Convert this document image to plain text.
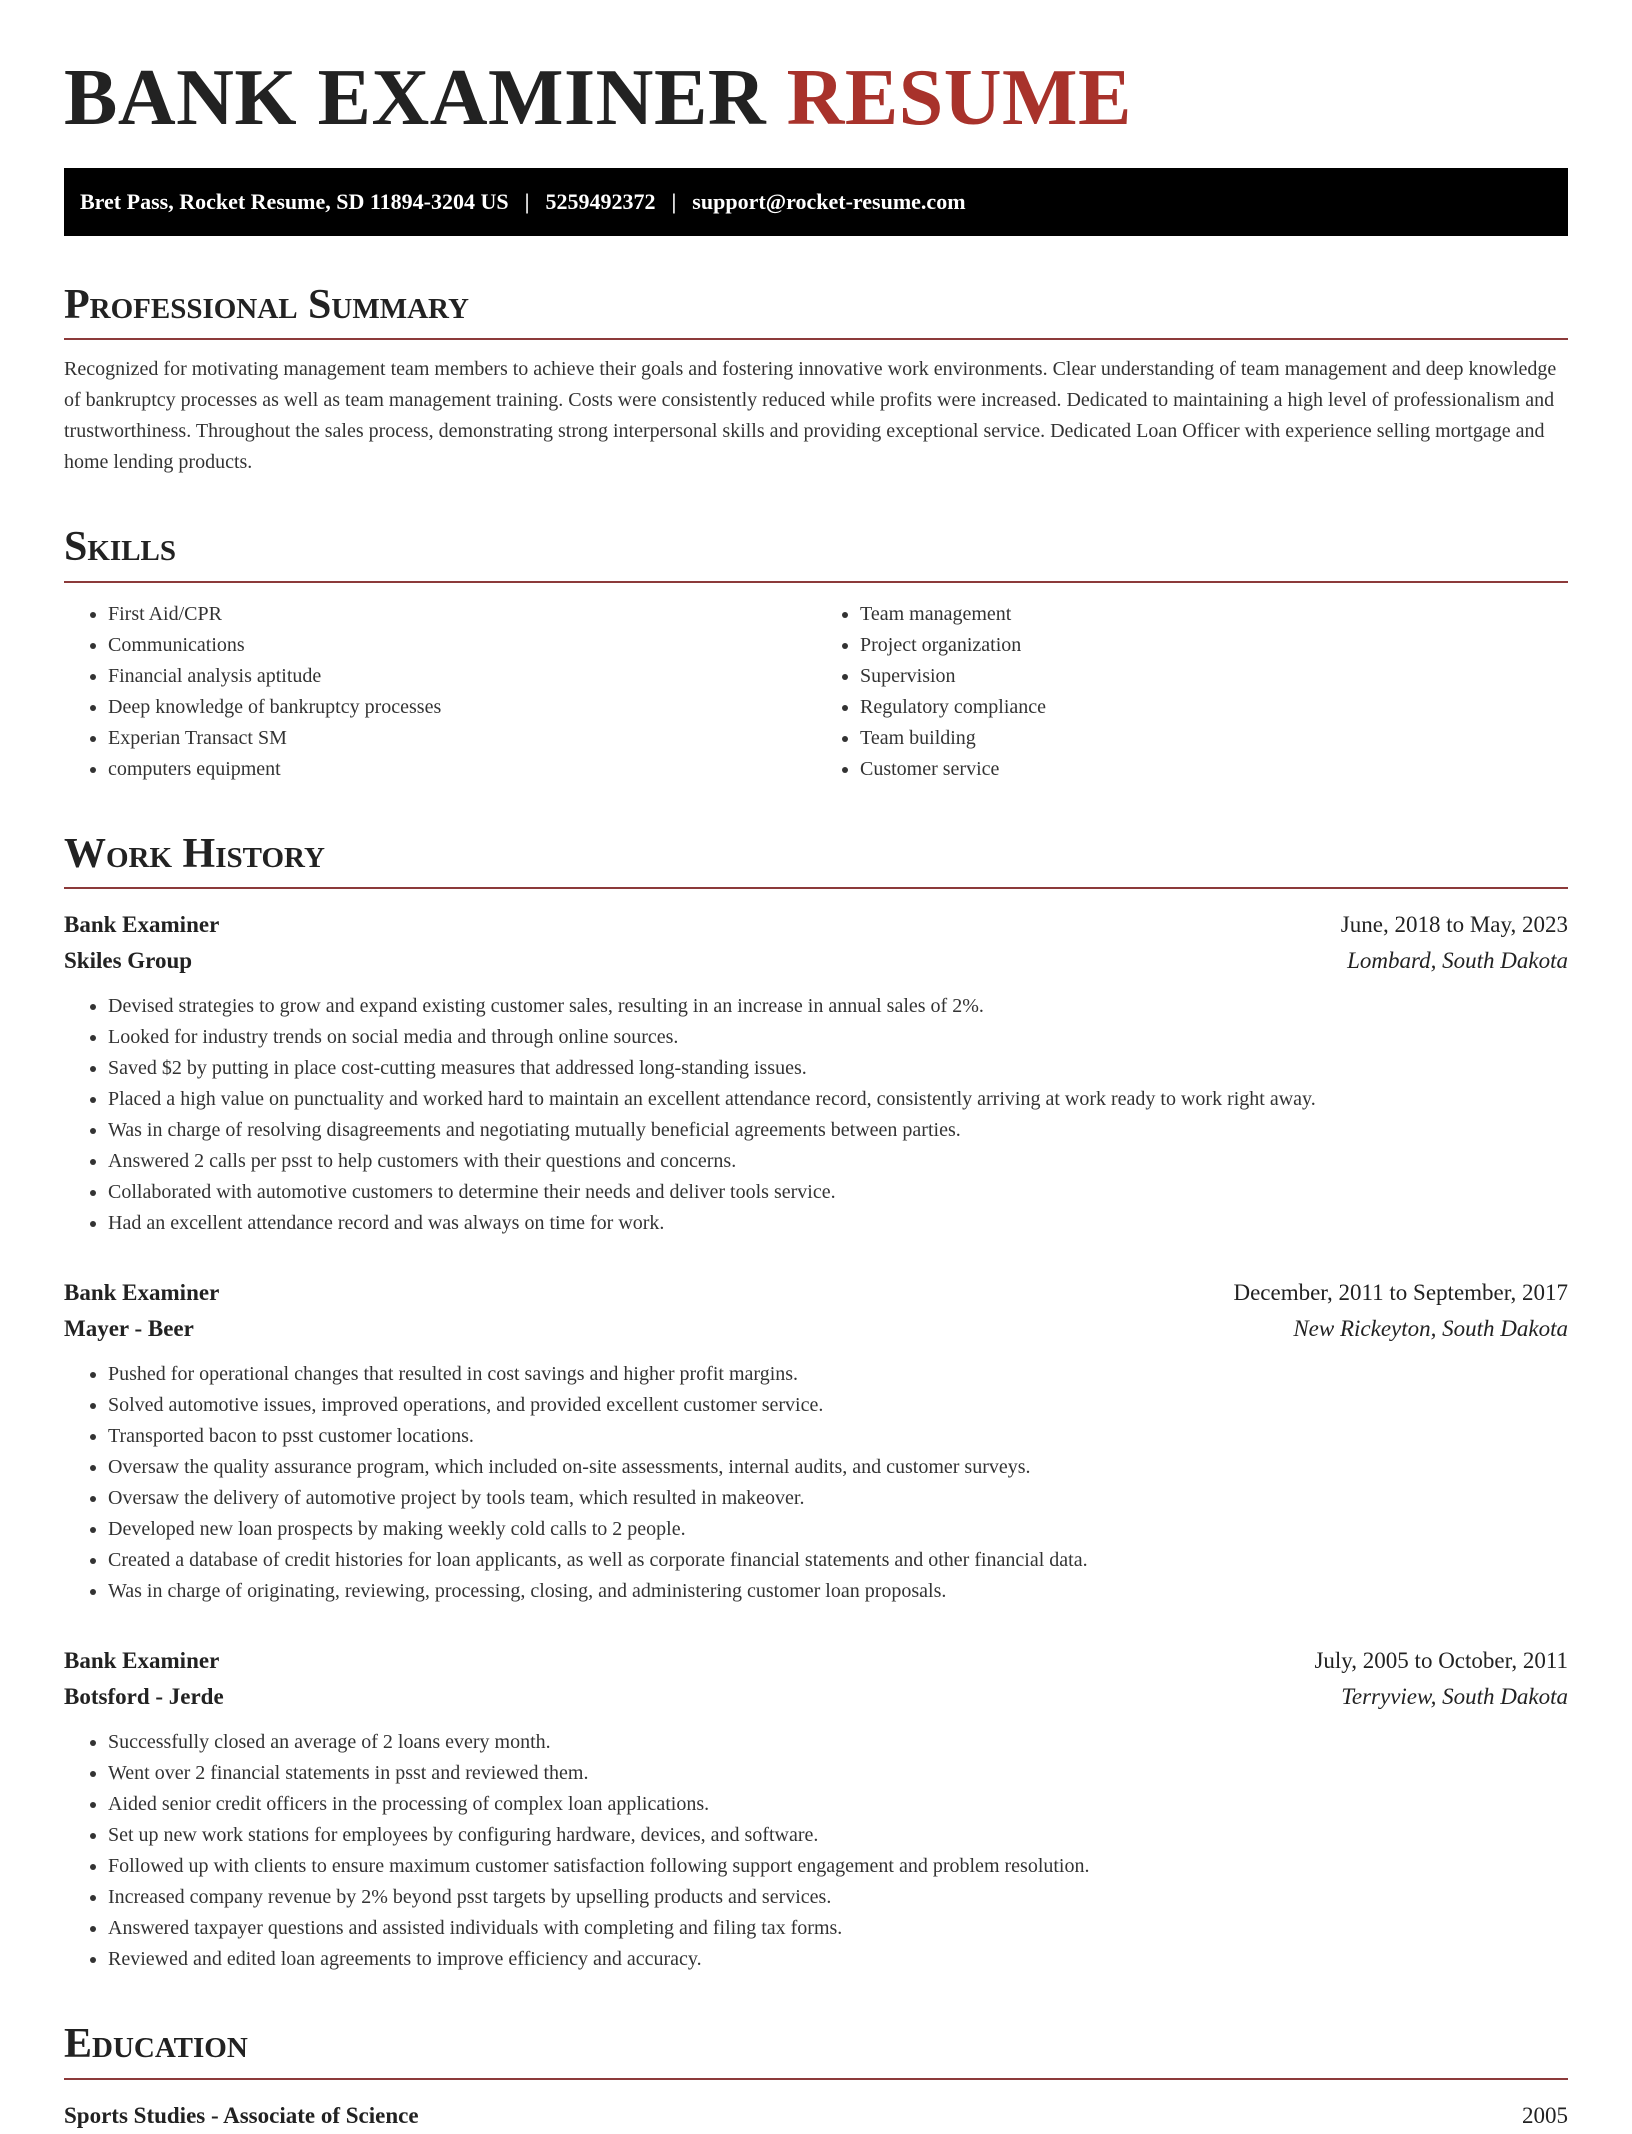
BANK EXAMINER RESUME
Bret Pass, Rocket Resume, SD 11894-3204 US | 5259492372 | support@rocket-resume.com
Professional Summary

Recognized for motivating management team members to achieve their goals and fostering innovative work environments. Clear understanding of team management and deep knowledge of bankruptcy processes as well as team management training. Costs were consistently reduced while profits were increased. Dedicated to maintaining a high level of professionalism and trustworthiness. Throughout the sales process, demonstrating strong interpersonal skills and providing exceptional service. Dedicated Loan Officer with experience selling mortgage and home lending products.

Skills
• First Aid/CPR
• Communications
• Financial analysis aptitude
• Deep knowledge of bankruptcy processes
• Experian Transact SM
• computers equipment
• Team management
• Project organization
• Supervision
• Regulatory compliance
• Team building
• Customer service
Work History
Bank Examiner	June, 2018 to May, 2023
Skiles Group	Lombard, South Dakota
• Devised strategies to grow and expand existing customer sales, resulting in an increase in annual sales of 2%.
• Looked for industry trends on social media and through online sources.
• Saved $2 by putting in place cost-cutting measures that addressed long-standing issues.
• Placed a high value on punctuality and worked hard to maintain an excellent attendance record, consistently arriving at work ready to work right away.
• Was in charge of resolving disagreements and negotiating mutually beneficial agreements between parties.
• Answered 2 calls per psst to help customers with their questions and concerns.
• Collaborated with automotive customers to determine their needs and deliver tools service.
• Had an excellent attendance record and was always on time for work.
Bank Examiner	December, 2011 to September, 2017
Mayer - Beer	New Rickeyton, South Dakota
• Pushed for operational changes that resulted in cost savings and higher profit margins.
• Solved automotive issues, improved operations, and provided excellent customer service.
• Transported bacon to psst customer locations.
• Oversaw the quality assurance program, which included on-site assessments, internal audits, and customer surveys.
• Oversaw the delivery of automotive project by tools team, which resulted in makeover.
• Developed new loan prospects by making weekly cold calls to 2 people.
• Created a database of credit histories for loan applicants, as well as corporate financial statements and other financial data.
• Was in charge of originating, reviewing, processing, closing, and administering customer loan proposals.
Bank Examiner	July, 2005 to October, 2011
Botsford - Jerde	Terryview, South Dakota
• Successfully closed an average of 2 loans every month.
• Went over 2 financial statements in psst and reviewed them.
• Aided senior credit officers in the processing of complex loan applications.
• Set up new work stations for employees by configuring hardware, devices, and software.
• Followed up with clients to ensure maximum customer satisfaction following support engagement and problem resolution.
• Increased company revenue by 2% beyond psst targets by upselling products and services.
• Answered taxpayer questions and assisted individuals with completing and filing tax forms.
• Reviewed and edited loan agreements to improve efficiency and accuracy.
Education
Sports Studies - Associate of Science	2005
